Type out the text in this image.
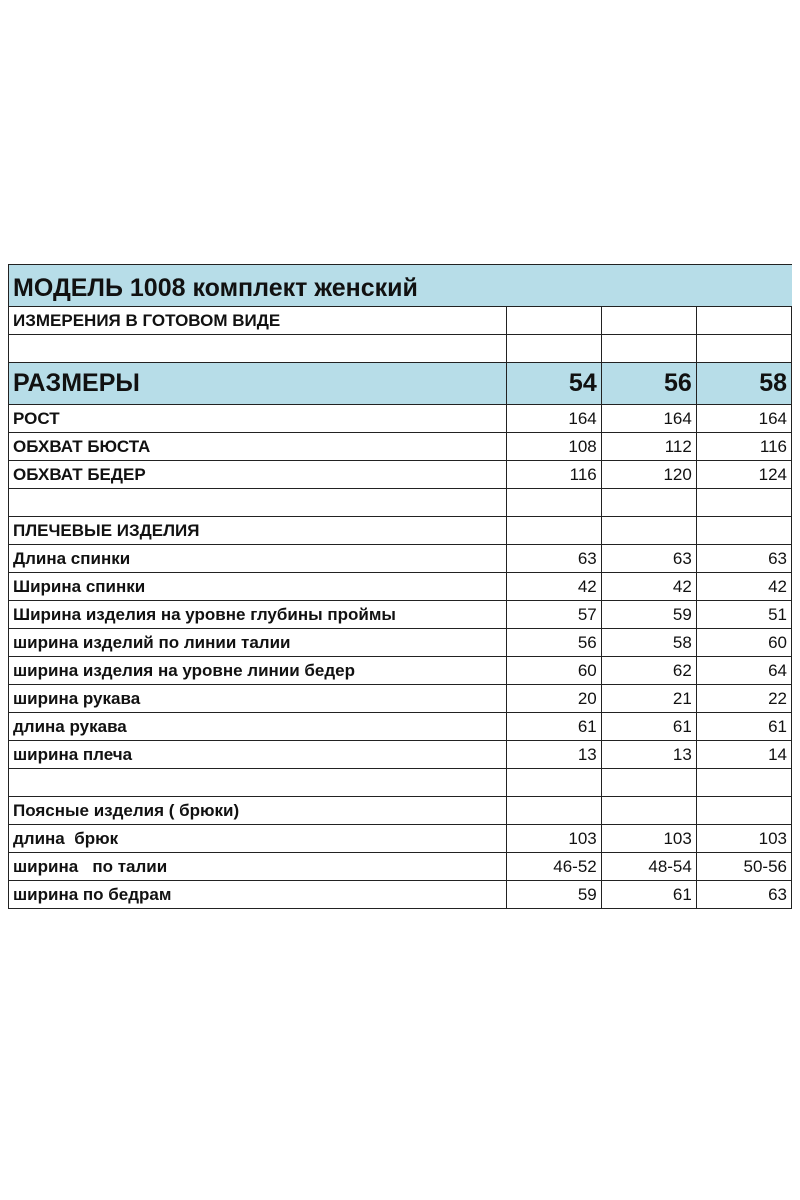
МОДЕЛЬ 1008 комплект женский			
ИЗМЕРЕНИЯ В ГОТОВОМ ВИДЕ			

РАЗМЕРЫ	54	56	58
РОСТ	164	164	164
ОБХВАТ БЮСТА	108	112	116
ОБХВАТ БЕДЕР	116	120	124

ПЛЕЧЕВЫЕ ИЗДЕЛИЯ			
Длина спинки	63	63	63
Ширина спинки	42	42	42
Ширина изделия на уровне глубины проймы	57	59	51
ширина изделий по линии талии	56	58	60
ширина изделия на уровне линии бедер	60	62	64
ширина рукава	20	21	22
длина рукава	61	61	61
ширина плеча	13	13	14

Поясные изделия ( брюки)			
длина  брюк	103	103	103
ширина   по талии	46-52	48-54	50-56
ширина по бедрам	59	61	63
